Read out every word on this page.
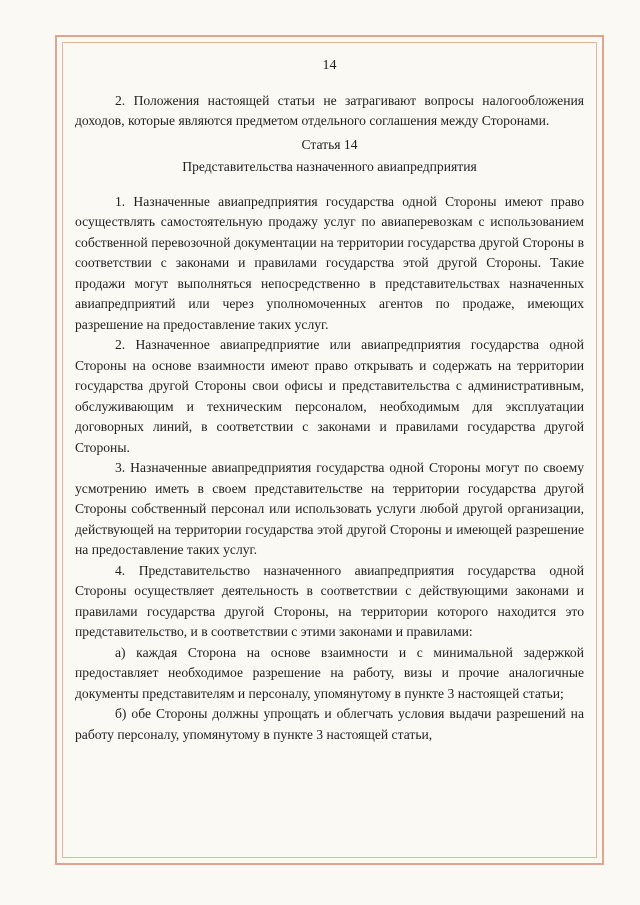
14

2. Положения настоящей статьи не затрагивают вопросы налогообложения доходов, которые являются предметом отдельного соглашения между Сторонами.

Статья 14
Представительства назначенного авиапредприятия

1. Назначенные авиапредприятия государства одной Стороны имеют право осуществлять самостоятельную продажу услуг по авиаперевозкам с использованием собственной перевозочной документации на территории государства другой Стороны в соответствии с законами и правилами государства этой другой Стороны. Такие продажи могут выполняться непосредственно в представительствах назначенных авиапредприятий или через уполномоченных агентов по продаже, имеющих разрешение на предоставление таких услуг.

2. Назначенное авиапредприятие или авиапредприятия государства одной Стороны на основе взаимности имеют право открывать и содержать на территории государства другой Стороны свои офисы и представительства с административным, обслуживающим и техническим персоналом, необходимым для эксплуатации договорных линий, в соответствии с законами и правилами государства другой Стороны.

3. Назначенные авиапредприятия государства одной Стороны могут по своему усмотрению иметь в своем представительстве на территории государства другой Стороны собственный персонал или использовать услуги любой другой организации, действующей на территории государства этой другой Стороны и имеющей разрешение на предоставление таких услуг.

4. Представительство назначенного авиапредприятия государства одной Стороны осуществляет деятельность в соответствии с действующими законами и правилами государства другой Стороны, на территории которого находится это представительство, и в соответствии с этими законами и правилами:

а) каждая Сторона на основе взаимности и с минимальной задержкой предоставляет необходимое разрешение на работу, визы и прочие аналогичные документы представителям и персоналу, упомянутому в пункте 3 настоящей статьи;

б) обе Стороны должны упрощать и облегчать условия выдачи разрешений на работу персоналу, упомянутому в пункте 3 настоящей статьи,
